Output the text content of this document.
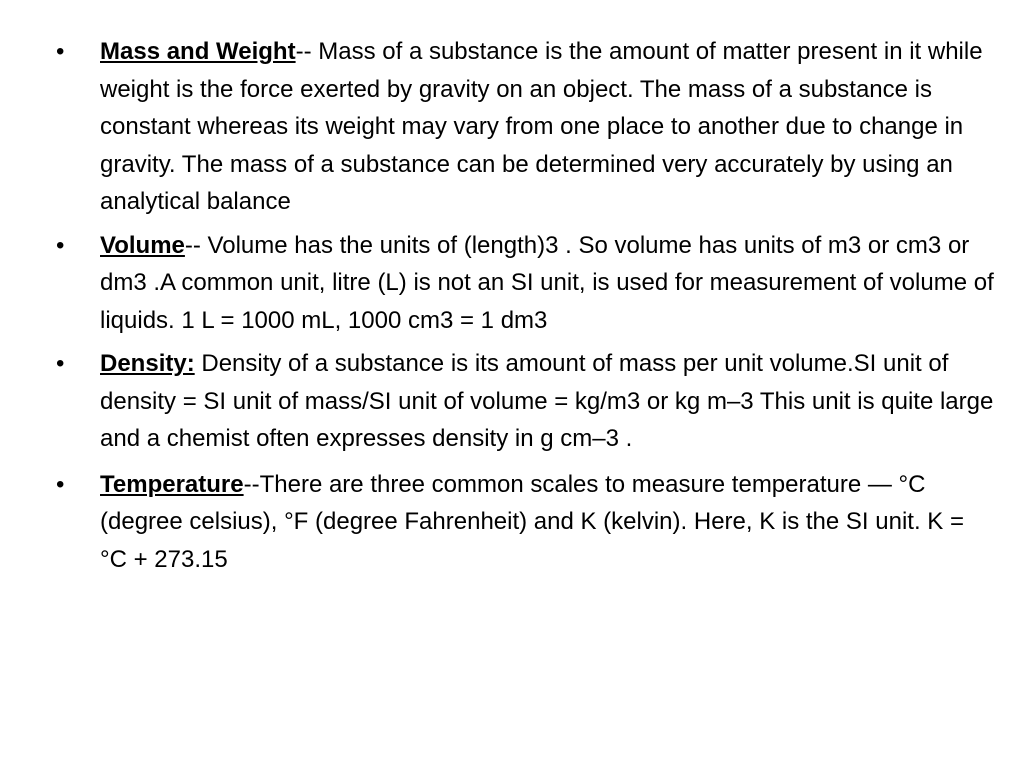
• Mass and Weight-- Mass of a substance is the amount of matter present in it while weight is the force exerted by gravity on an object. The mass of a substance is constant whereas its weight may vary from one place to another due to change in gravity. The mass of a substance can be determined very accurately by using an analytical balance
• Volume-- Volume has the units of (length)3 . So volume has units of m3 or cm3 or dm3 .A common unit, litre (L) is not an SI unit, is used for measurement of volume of liquids. 1 L = 1000 mL, 1000 cm3 = 1 dm3
• Density: Density of a substance is its amount of mass per unit volume.SI unit of density = SI unit of mass/SI unit of volume = kg/m3 or kg m–3 This unit is quite large and a chemist often expresses density in g cm–3 .
• Temperature--There are three common scales to measure temperature — °C (degree celsius), °F (degree Fahrenheit) and K (kelvin). Here, K is the SI unit. K = °C + 273.15
